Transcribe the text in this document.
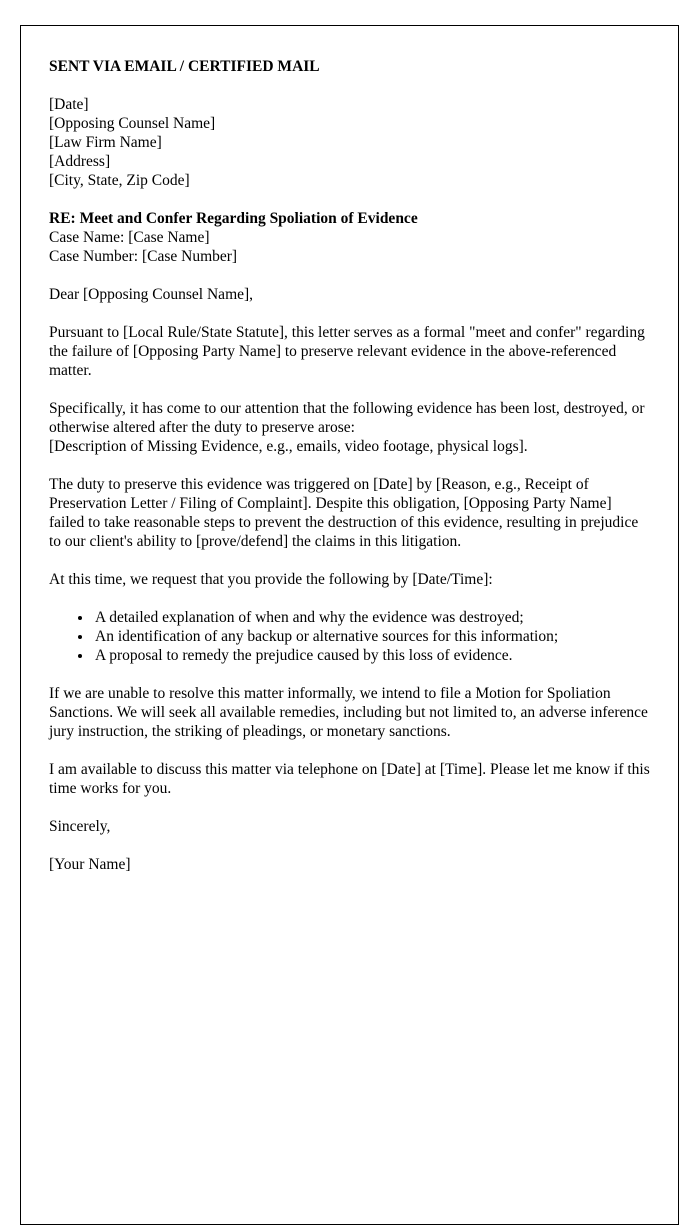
SENT VIA EMAIL / CERTIFIED MAIL

[Date]

[Opposing Counsel Name]

[Law Firm Name]

[Address]

[City, State, Zip Code]

RE: Meet and Confer Regarding Spoliation of Evidence

Case Name: [Case Name]

Case Number: [Case Number]

Dear [Opposing Counsel Name],

Pursuant to [Local Rule/State Statute], this letter serves as a formal "meet and confer" regarding the failure of [Opposing Party Name] to preserve relevant evidence in the above-referenced matter.

Specifically, it has come to our attention that the following evidence has been lost, destroyed, or otherwise altered after the duty to preserve arose:

[Description of Missing Evidence, e.g., emails, video footage, physical logs].

The duty to preserve this evidence was triggered on [Date] by [Reason, e.g., Receipt of Preservation Letter / Filing of Complaint]. Despite this obligation, [Opposing Party Name] failed to take reasonable steps to prevent the destruction of this evidence, resulting in prejudice to our client's ability to [prove/defend] the claims in this litigation.

At this time, we request that you provide the following by [Date/Time]:

• A detailed explanation of when and why the evidence was destroyed;
• An identification of any backup or alternative sources for this information;
• A proposal to remedy the prejudice caused by this loss of evidence.

If we are unable to resolve this matter informally, we intend to file a Motion for Spoliation Sanctions. We will seek all available remedies, including but not limited to, an adverse inference jury instruction, the striking of pleadings, or monetary sanctions.

I am available to discuss this matter via telephone on [Date] at [Time]. Please let me know if this time works for you.

Sincerely,

[Your Name]
